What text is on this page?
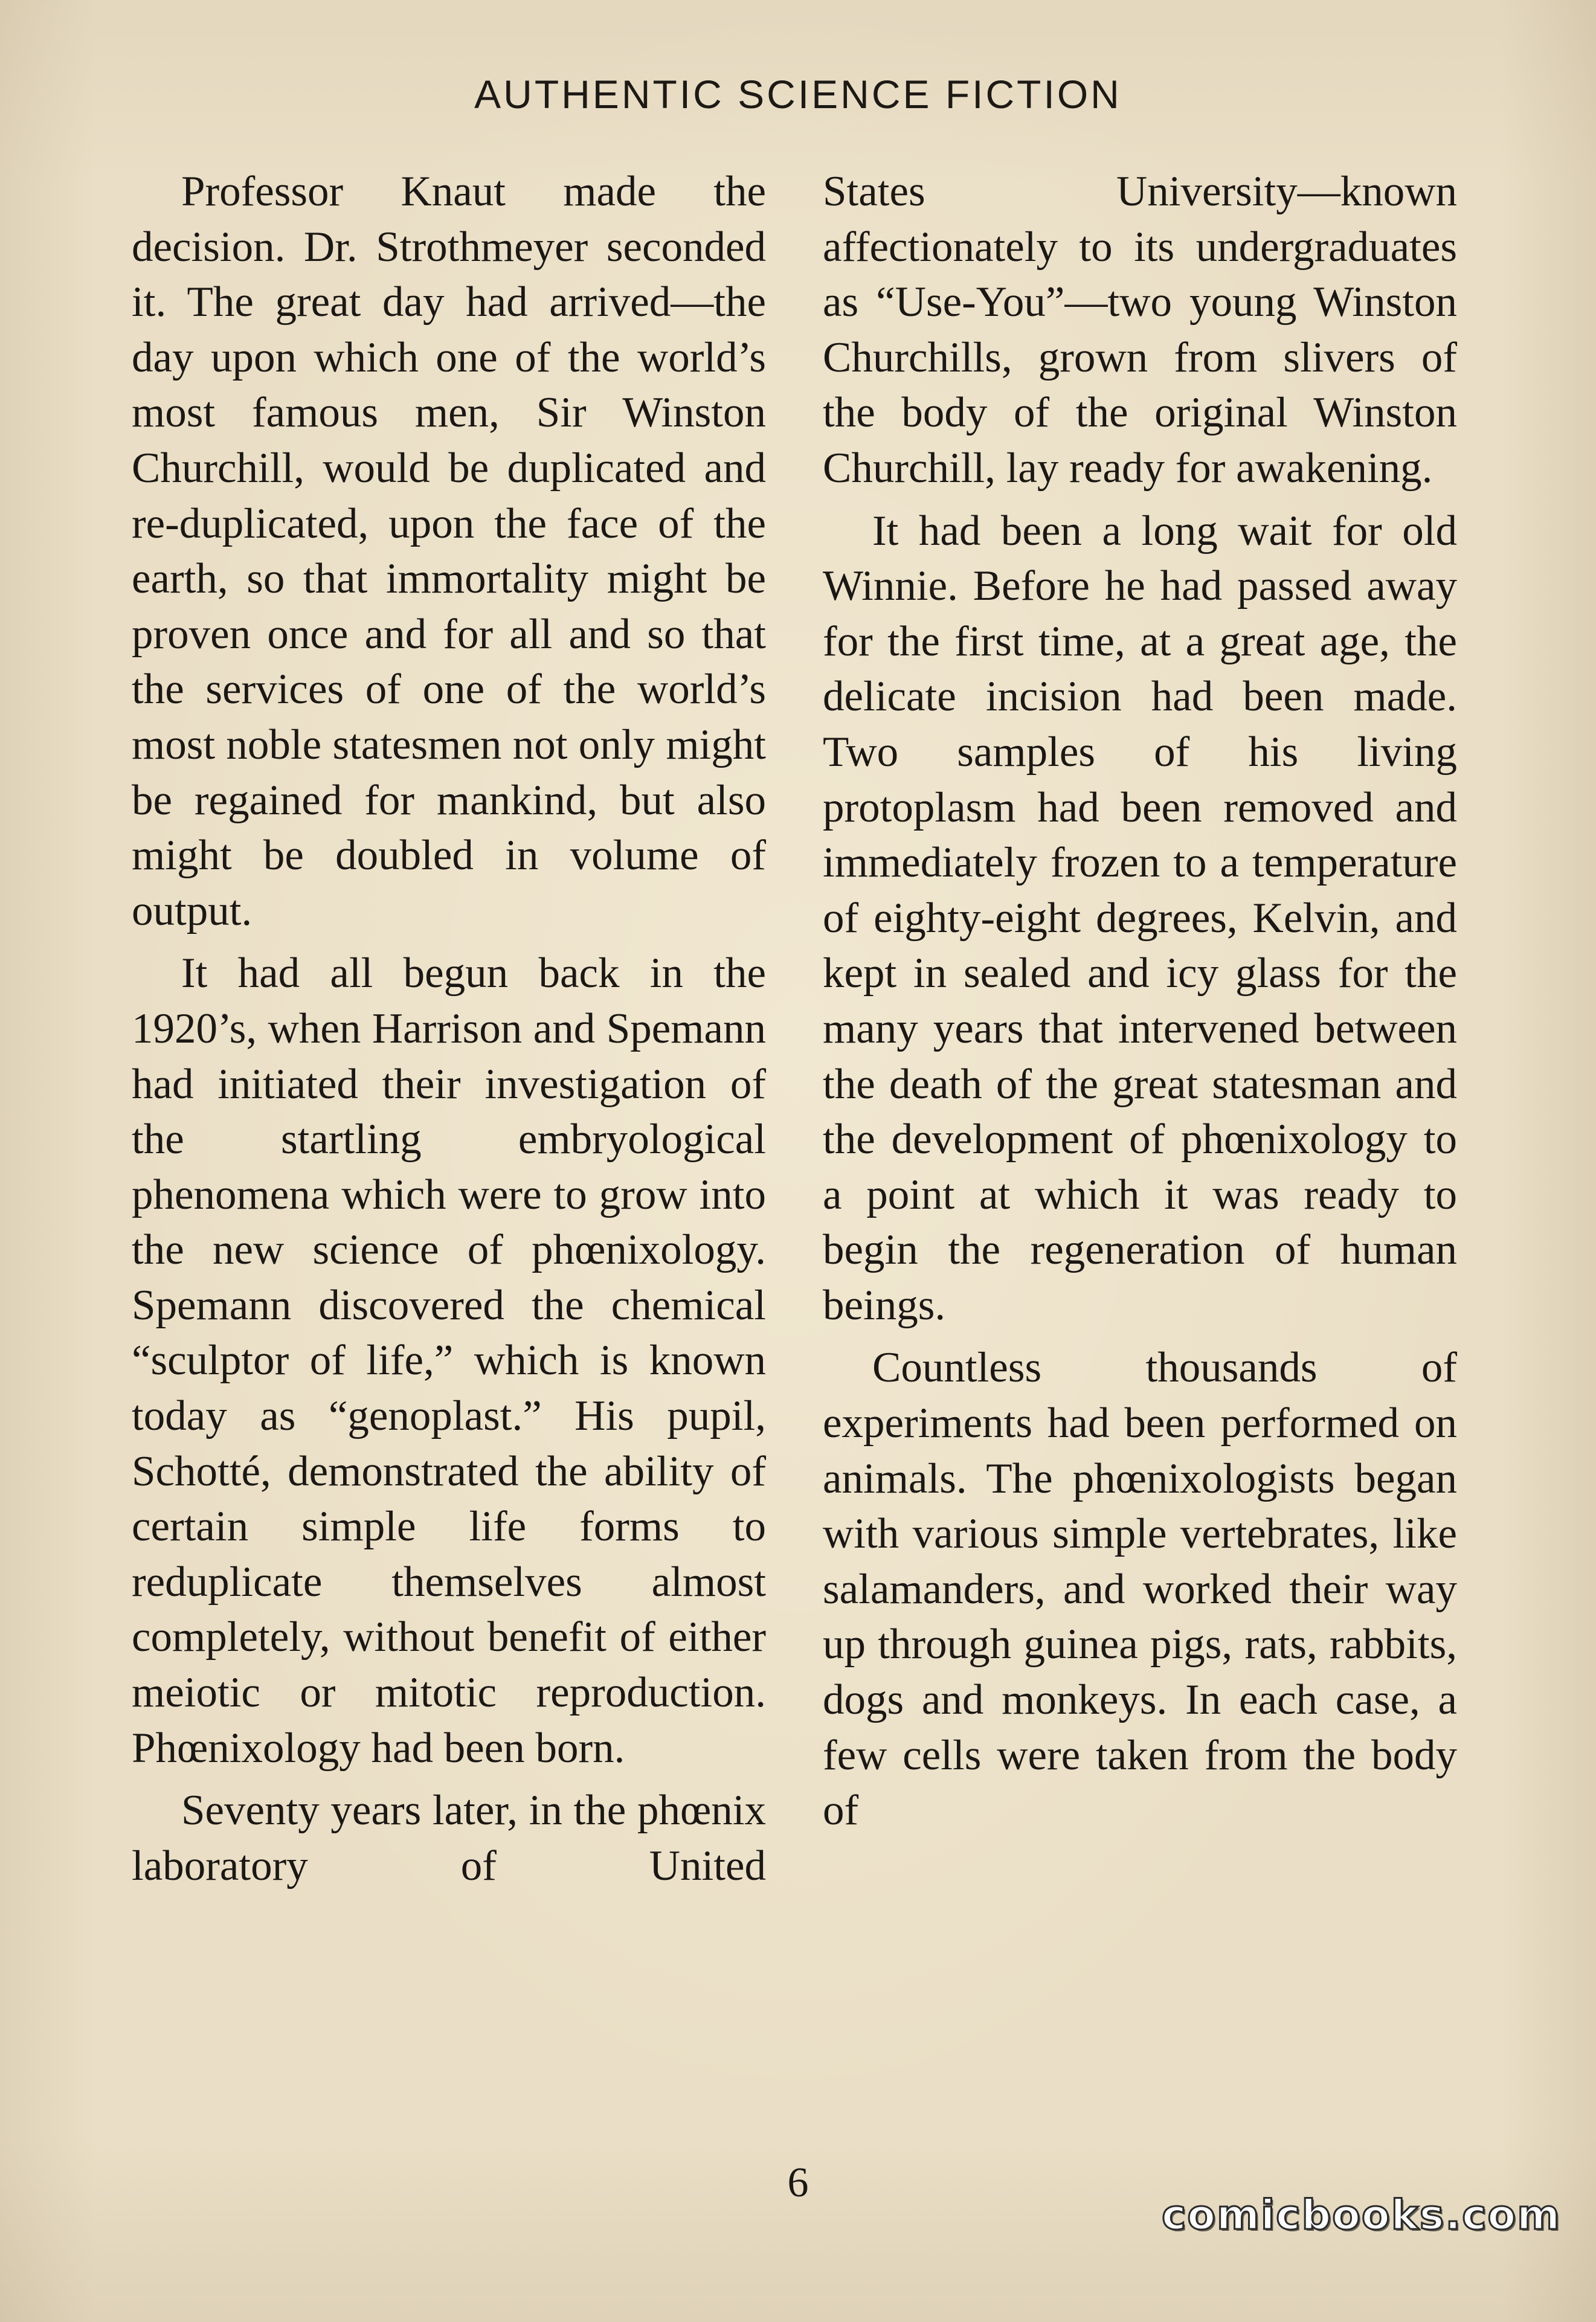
AUTHENTIC SCIENCE FICTION

Professor Knaut made the decision. Dr. Strothmeyer seconded it. The great day had arrived—the day upon which one of the world’s most famous men, Sir Winston Churchill, would be duplicated and re-duplicated, upon the face of the earth, so that immortality might be proven once and for all and so that the services of one of the world’s most noble statesmen not only might be regained for mankind, but also might be doubled in volume of output.

It had all begun back in the 1920’s, when Harrison and Spemann had initiated their investigation of the startling embryological phenomena which were to grow into the new science of phœnixology. Spemann discovered the chemical “sculptor of life,” which is known today as “genoplast.” His pupil, Schotté, demonstrated the ability of certain simple life forms to reduplicate themselves almost completely, without benefit of either meiotic or mitotic reproduction. Phœnixology had been born.

Seventy years later, in the phœnix laboratory of United

States University—known affectionately to its undergraduates as “Use-You”—two young Winston Churchills, grown from slivers of the body of the original Winston Churchill, lay ready for awakening.

It had been a long wait for old Winnie. Before he had passed away for the first time, at a great age, the delicate incision had been made. Two samples of his living protoplasm had been removed and immediately frozen to a temperature of eighty-eight degrees, Kelvin, and kept in sealed and icy glass for the many years that intervened between the death of the great statesman and the development of phœnixology to a point at which it was ready to begin the regeneration of human beings.

Countless thousands of experiments had been performed on animals. The phœnixologists began with various simple vertebrates, like salamanders, and worked their way up through guinea pigs, rats, rabbits, dogs and monkeys. In each case, a few cells were taken from the body of

6
comicbooks.com
